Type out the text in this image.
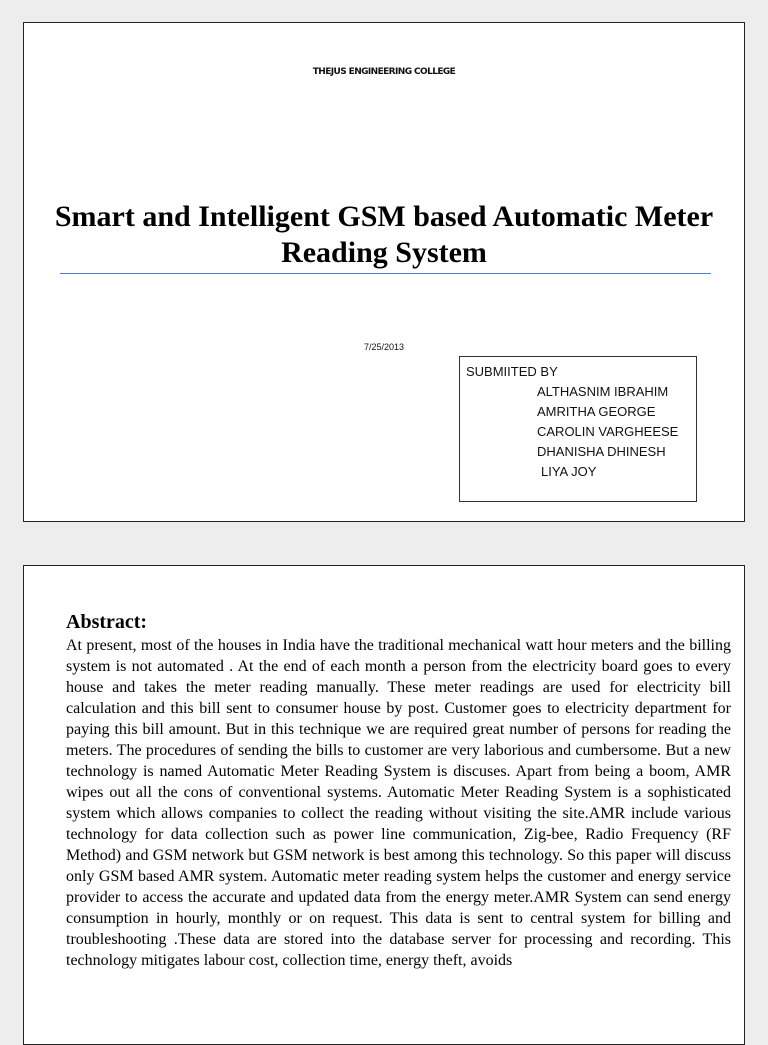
THEJUS ENGINEERING COLLEGE
Smart and Intelligent GSM based Automatic Meter Reading System
7/25/2013
SUBMIITED BY
ALTHASNIM IBRAHIM
AMRITHA GEORGE
CAROLIN VARGHEESE
DHANISHA DHINESH
LIYA JOY
Abstract:

At present, most of the houses in India have the traditional mechanical watt hour meters and the billing system is not automated . At the end of each month a person from the electricity board goes to every house and takes the meter reading manually. These meter readings are used for electricity bill calculation and this bill sent to consumer house by post. Customer goes to electricity department for paying this bill amount. But in this technique we are required great number of persons for reading the meters. The procedures of sending the bills to customer are very laborious and cumbersome. But a new technology is named Automatic Meter Reading System is discuses. Apart from being a boom, AMR wipes out all the cons of conventional systems. Automatic Meter Reading System is a sophisticated system which allows companies to collect the reading without visiting the site.AMR include various technology for data collection such as power line communication, Zig-bee, Radio Frequency (RF Method) and GSM network but GSM network is best among this technology. So this paper will discuss only GSM based AMR system. Automatic meter reading system helps the customer and energy service provider to access the accurate and updated data from the energy meter.AMR System can send energy consumption in hourly, monthly or on request. This data is sent to central system for billing and troubleshooting .These data are stored into the database server for processing and recording. This technology mitigates labour cost, collection time, energy theft, avoids
